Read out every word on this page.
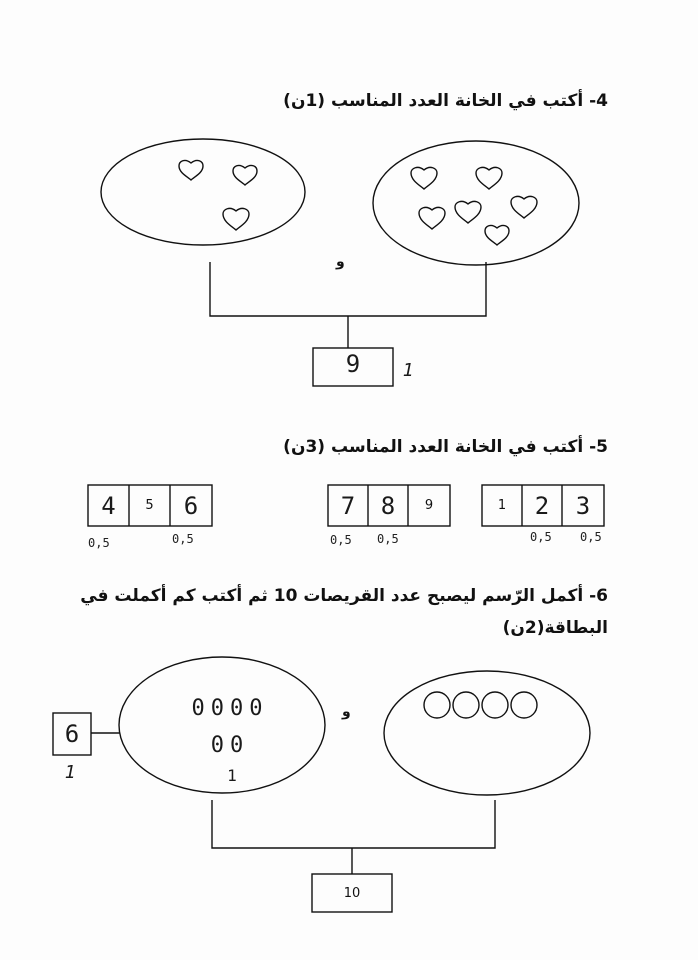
4- أكتب في الخانة العدد المناسب (1ن)
و
9	1
5- أكتب في الخانة العدد المناسب (3ن)
4	5	6	7	8	9	1	2	3
0,5	0,5	0,5 0,5	0,5 0,5
6- أكمل الرّسم ليصبح عدد القريصات 10 ثم أكتب كم أكملت في
البطاقة(2ن)
0000
00
1
و
6
1
10
